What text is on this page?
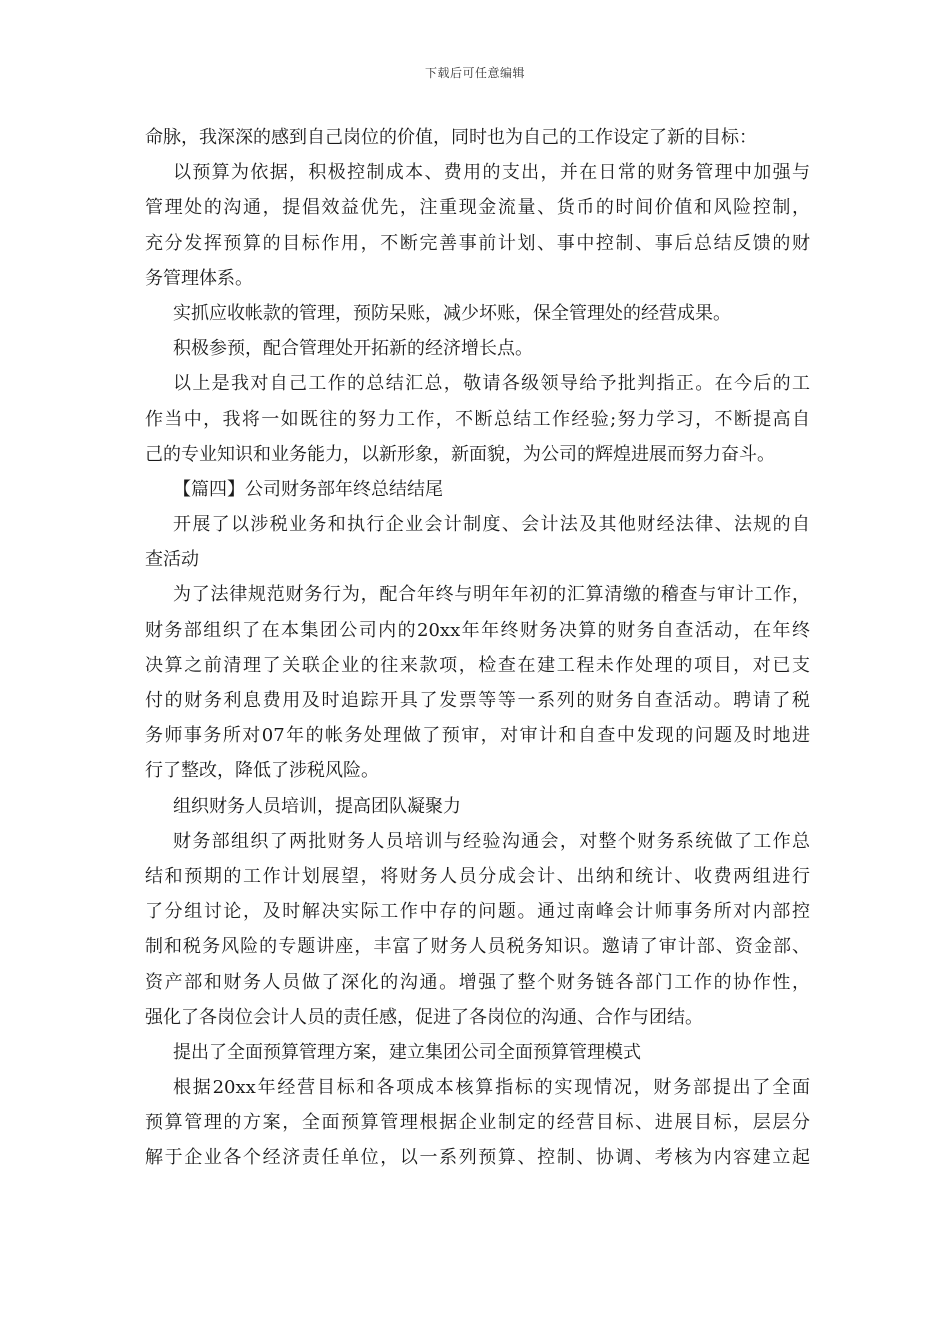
下载后可任意编辑
命脉，我深深的感到自己岗位的价值，同时也为自己的工作设定了新的目标：
以预算为依据，积极控制成本、费用的支出，并在日常的财务管理中加强与
管理处的沟通，提倡效益优先，注重现金流量、货币的时间价值和风险控制，
充分发挥预算的目标作用，不断完善事前计划、事中控制、事后总结反馈的财
务管理体系。
实抓应收帐款的管理，预防呆账，减少坏账，保全管理处的经营成果。
积极参预，配合管理处开拓新的经济增长点。
以上是我对自己工作的总结汇总，敬请各级领导给予批判指正。在今后的工
作当中，我将一如既往的努力工作，不断总结工作经验;努力学习，不断提高自
己的专业知识和业务能力，以新形象，新面貌，为公司的辉煌进展而努力奋斗。
【篇四】公司财务部年终总结结尾
开展了以涉税业务和执行企业会计制度、会计法及其他财经法律、法规的自
查活动
为了法律规范财务行为，配合年终与明年年初的汇算清缴的稽查与审计工作，
财务部组织了在本集团公司内的20xx年年终财务决算的财务自查活动，在年终
决算之前清理了关联企业的往来款项，检查在建工程未作处理的项目，对已支
付的财务利息费用及时追踪开具了发票等等一系列的财务自查活动。聘请了税
务师事务所对07年的帐务处理做了预审，对审计和自查中发现的问题及时地进
行了整改，降低了涉税风险。
组织财务人员培训，提高团队凝聚力
财务部组织了两批财务人员培训与经验沟通会，对整个财务系统做了工作总
结和预期的工作计划展望，将财务人员分成会计、出纳和统计、收费两组进行
了分组讨论，及时解决实际工作中存的问题。通过南峰会计师事务所对内部控
制和税务风险的专题讲座，丰富了财务人员税务知识。邀请了审计部、资金部、
资产部和财务人员做了深化的沟通。增强了整个财务链各部门工作的协作性，
强化了各岗位会计人员的责任感，促进了各岗位的沟通、合作与团结。
提出了全面预算管理方案，建立集团公司全面预算管理模式
根据20xx年经营目标和各项成本核算指标的实现情况，财务部提出了全面
预算管理的方案，全面预算管理根据企业制定的经营目标、进展目标，层层分
解于企业各个经济责任单位，以一系列预算、控制、协调、考核为内容建立起
